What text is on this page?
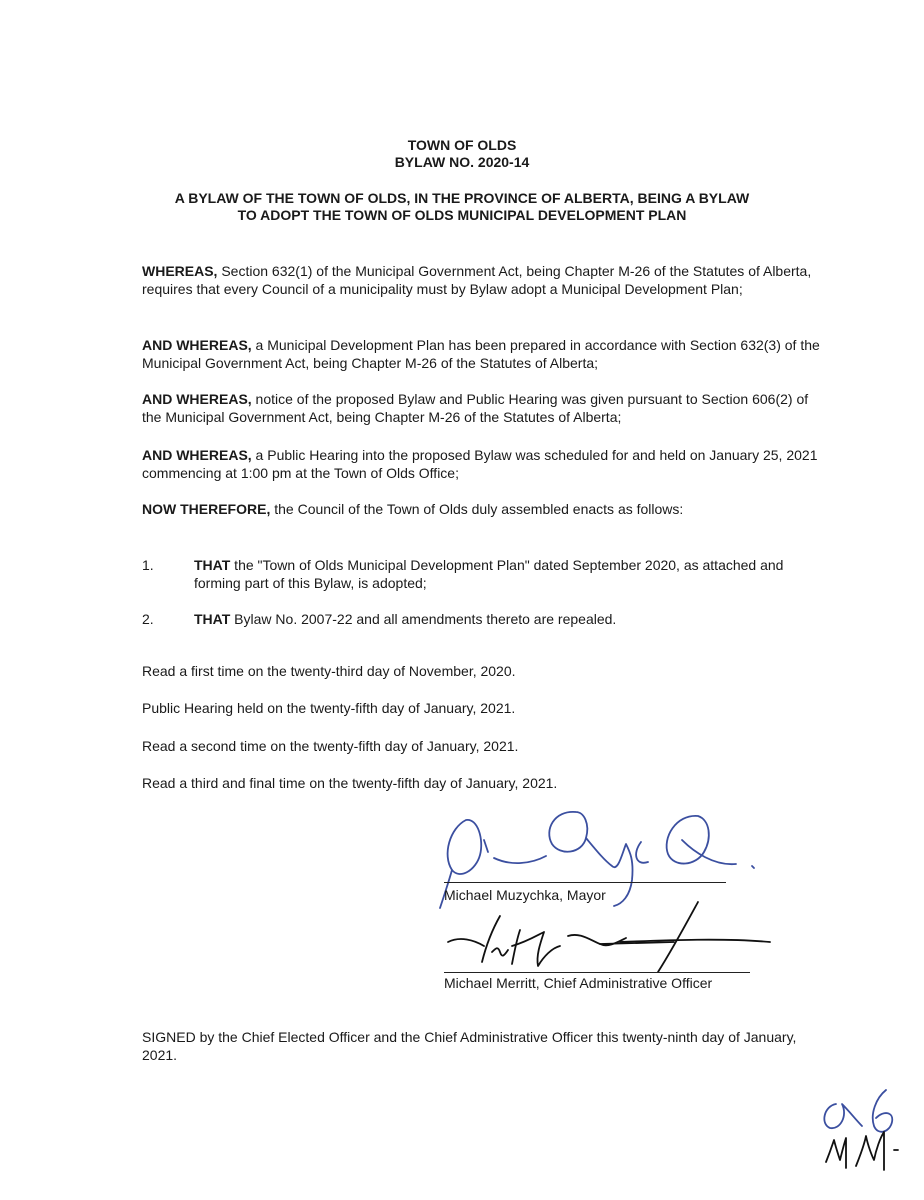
TOWN OF OLDS
BYLAW NO. 2020-14
A BYLAW OF THE TOWN OF OLDS, IN THE PROVINCE OF ALBERTA, BEING A BYLAW
TO ADOPT THE TOWN OF OLDS MUNICIPAL DEVELOPMENT PLAN
WHEREAS, Section 632(1) of the Municipal Government Act, being Chapter M-26 of the Statutes of Alberta, requires that every Council of a municipality must by Bylaw adopt a Municipal Development Plan;
AND WHEREAS, a Municipal Development Plan has been prepared in accordance with Section 632(3) of the Municipal Government Act, being Chapter M-26 of the Statutes of Alberta;
AND WHEREAS, notice of the proposed Bylaw and Public Hearing was given pursuant to Section 606(2) of the Municipal Government Act, being Chapter M-26 of the Statutes of Alberta;
AND WHEREAS, a Public Hearing into the proposed Bylaw was scheduled for and held on January 25, 2021 commencing at 1:00 pm at the Town of Olds Office;
NOW THEREFORE, the Council of the Town of Olds duly assembled enacts as follows:
1.	THAT the "Town of Olds Municipal Development Plan" dated September 2020, as attached and forming part of this Bylaw, is adopted;
2.	THAT Bylaw No. 2007-22 and all amendments thereto are repealed.
Read a first time on the twenty-third day of November, 2020.
Public Hearing held on the twenty-fifth day of January, 2021.
Read a second time on the twenty-fifth day of January, 2021.
Read a third and final time on the twenty-fifth day of January, 2021.
Michael Muzychka, Mayor
Michael Merritt, Chief Administrative Officer
SIGNED by the Chief Elected Officer and the Chief Administrative Officer this twenty-ninth day of January, 2021.
